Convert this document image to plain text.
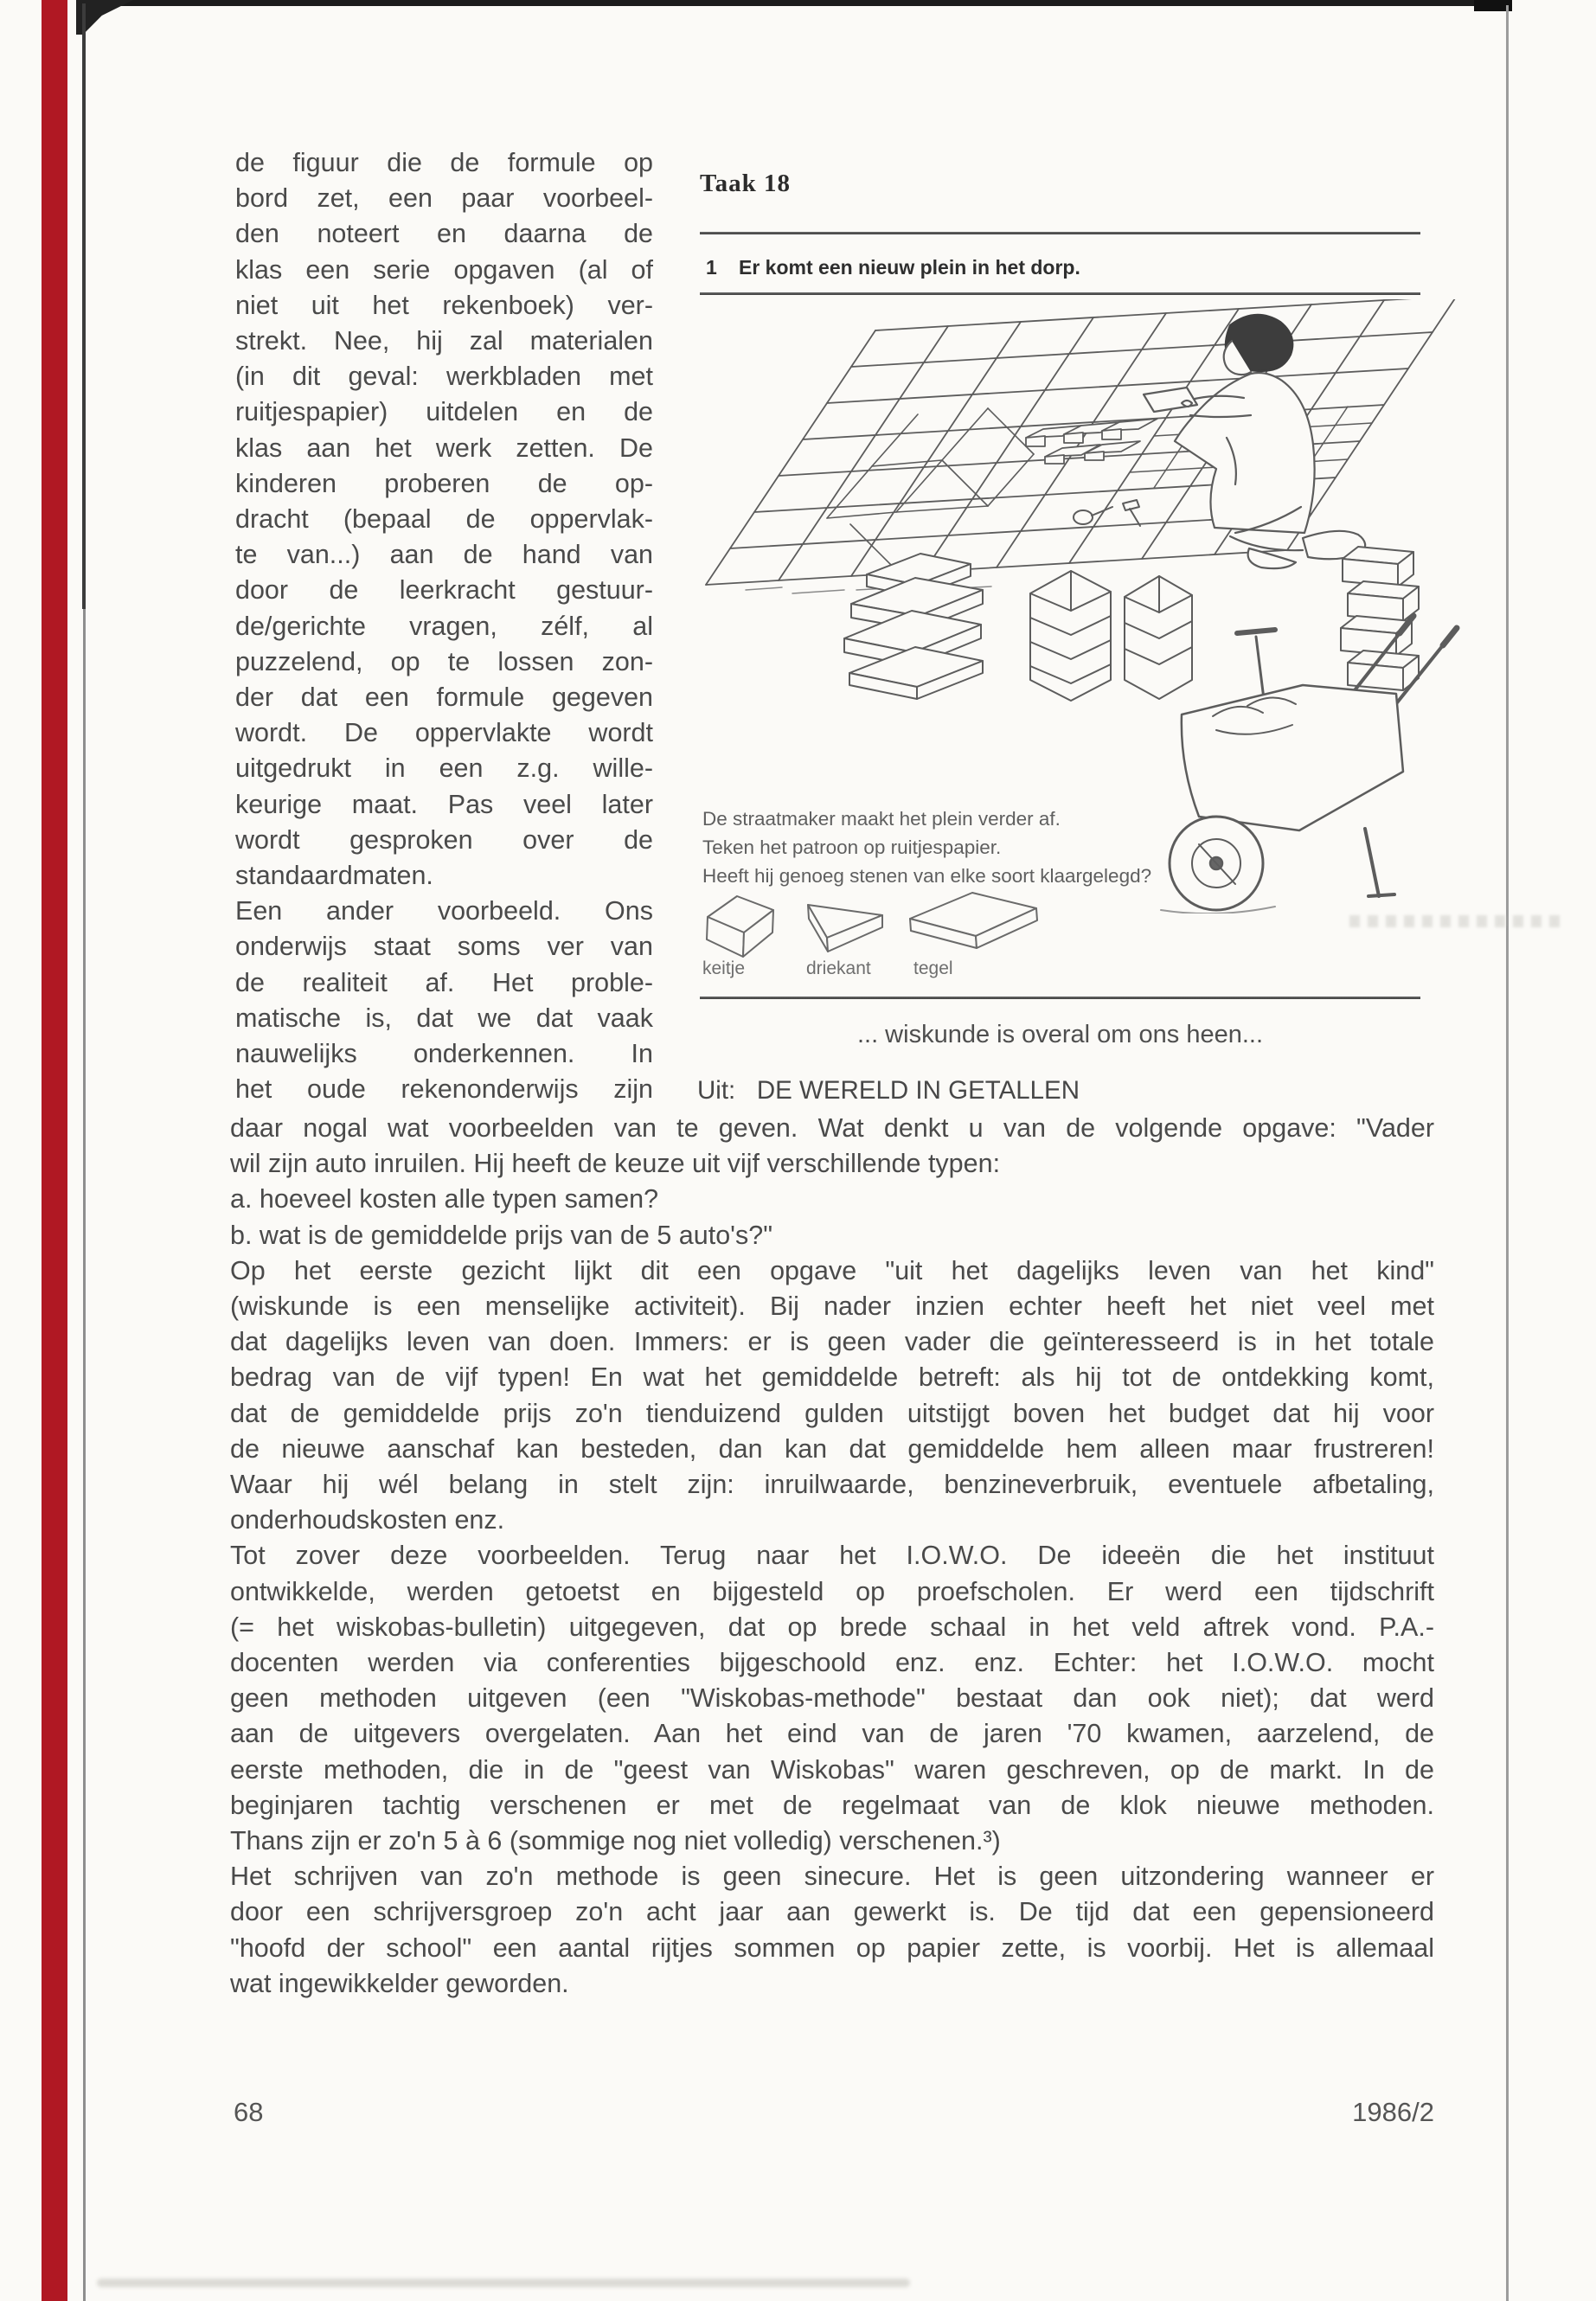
de figuur die de formule op
bord zet, een paar voorbeel-
den noteert en daarna de
klas een serie opgaven (al of
niet uit het rekenboek) ver-
strekt. Nee, hij zal materialen
(in dit geval: werkbladen met
ruitjespapier) uitdelen en de
klas aan het werk zetten. De
kinderen proberen de op-
dracht (bepaal de oppervlak-
te van...) aan de hand van
door de leerkracht gestuur-
de/gerichte vragen, zélf, al
puzzelend, op te lossen zon-
der dat een formule gegeven
wordt. De oppervlakte wordt
uitgedrukt in een z.g. wille-
keurige maat. Pas veel later
wordt gesproken over de
standaardmaten.
Een ander voorbeeld. Ons
onderwijs staat soms ver van
de realiteit af. Het proble-
matische is, dat we dat vaak
nauwelijks onderkennen. In
het oude rekenonderwijs zijn
Taak 18
1 Er komt een nieuw plein in het dorp.
De straatmaker maakt het plein verder af.
Teken het patroon op ruitjespapier.
Heeft hij genoeg stenen van elke soort klaargelegd?
keitje	driekant tegel
... wiskunde is overal om ons heen...
Uit:   DE WERELD IN GETALLEN
daar nogal wat voorbeelden van te geven. Wat denkt u van de volgende opgave: "Vader
wil zijn auto inruilen. Hij heeft de keuze uit vijf verschillende typen:
a. hoeveel kosten alle typen samen?
b. wat is de gemiddelde prijs van de 5 auto's?"
Op het eerste gezicht lijkt dit een opgave "uit het dagelijks leven van het kind"
(wiskunde is een menselijke activiteit). Bij nader inzien echter heeft het niet veel met
dat dagelijks leven van doen. Immers: er is geen vader die geïnteresseerd is in het totale
bedrag van de vijf typen! En wat het gemiddelde betreft: als hij tot de ontdekking komt,
dat de gemiddelde prijs zo'n tienduizend gulden uitstijgt boven het budget dat hij voor
de nieuwe aanschaf kan besteden, dan kan dat gemiddelde hem alleen maar frustreren!
Waar hij wél belang in stelt zijn: inruilwaarde, benzineverbruik, eventuele afbetaling,
onderhoudskosten enz.
Tot zover deze voorbeelden. Terug naar het I.O.W.O. De ideeën die het instituut
ontwikkelde, werden getoetst en bijgesteld op proefscholen. Er werd een tijdschrift
(= het wiskobas-bulletin) uitgegeven, dat op brede schaal in het veld aftrek vond. P.A.-
docenten werden via conferenties bijgeschoold enz. enz. Echter: het I.O.W.O. mocht
geen methoden uitgeven (een "Wiskobas-methode" bestaat dan ook niet); dat werd
aan de uitgevers overgelaten. Aan het eind van de jaren '70 kwamen, aarzelend, de
eerste methoden, die in de "geest van Wiskobas" waren geschreven, op de markt. In de
beginjaren tachtig verschenen er met de regelmaat van de klok nieuwe methoden.
Thans zijn er zo'n 5 à 6 (sommige nog niet volledig) verschenen.³)
Het schrijven van zo'n methode is geen sinecure. Het is geen uitzondering wanneer er
door een schrijversgroep zo'n acht jaar aan gewerkt is. De tijd dat een gepensioneerd
"hoofd der school" een aantal rijtjes sommen op papier zette, is voorbij. Het is allemaal
wat ingewikkelder geworden.
68	1986/2
